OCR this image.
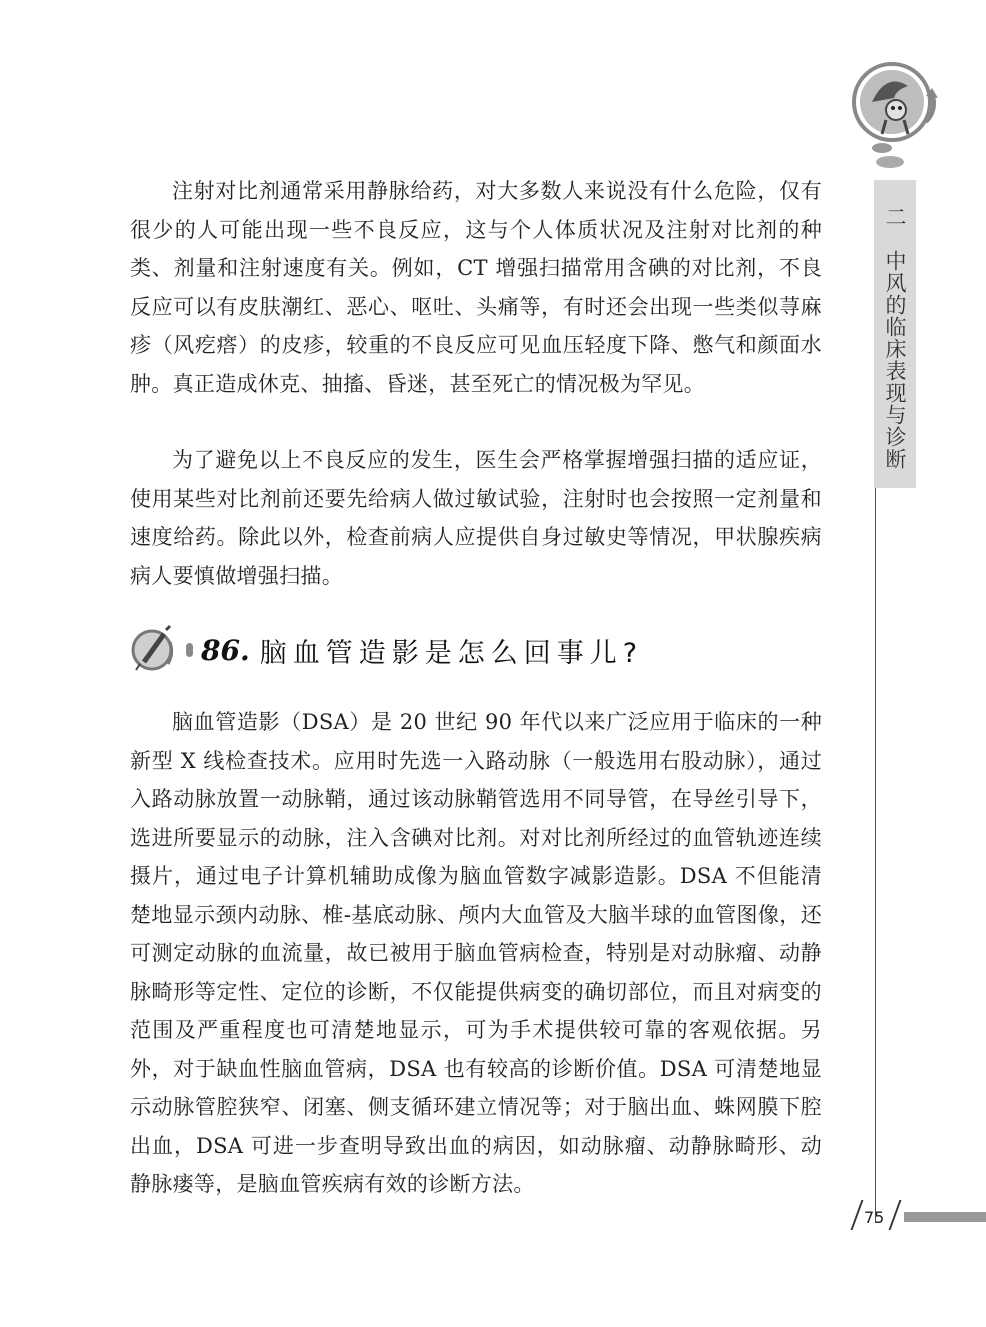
二　中风的临床表现与诊断

注射对比剂通常采用静脉给药，对大多数人来说没有什么危险，仅有很少的人可能出现一些不良反应，这与个人体质状况及注射对比剂的种类、剂量和注射速度有关。例如，CT 增强扫描常用含碘的对比剂，不良反应可以有皮肤潮红、恶心、呕吐、头痛等，有时还会出现一些类似荨麻疹（风疙瘩）的皮疹，较重的不良反应可见血压轻度下降、憋气和颜面水肿。真正造成休克、抽搐、昏迷，甚至死亡的情况极为罕见。

为了避免以上不良反应的发生，医生会严格掌握增强扫描的适应证，使用某些对比剂前还要先给病人做过敏试验，注射时也会按照一定剂量和速度给药。除此以外，检查前病人应提供自身过敏史等情况，甲状腺疾病病人要慎做增强扫描。

86. 脑血管造影是怎么回事儿?

脑血管造影（DSA）是 20 世纪 90 年代以来广泛应用于临床的一种新型 X 线检查技术。应用时先选一入路动脉（一般选用右股动脉），通过入路动脉放置一动脉鞘，通过该动脉鞘管选用不同导管，在导丝引导下，选进所要显示的动脉，注入含碘对比剂。对对比剂所经过的血管轨迹连续摄片，通过电子计算机辅助成像为脑血管数字减影造影。DSA 不但能清楚地显示颈内动脉、椎-基底动脉、颅内大血管及大脑半球的血管图像，还可测定动脉的血流量，故已被用于脑血管病检查，特别是对动脉瘤、动静脉畸形等定性、定位的诊断，不仅能提供病变的确切部位，而且对病变的范围及严重程度也可清楚地显示，可为手术提供较可靠的客观依据。另外，对于缺血性脑血管病，DSA 也有较高的诊断价值。DSA 可清楚地显示动脉管腔狭窄、闭塞、侧支循环建立情况等；对于脑出血、蛛网膜下腔出血，DSA 可进一步查明导致出血的病因，如动脉瘤、动静脉畸形、动静脉瘘等，是脑血管疾病有效的诊断方法。

75
